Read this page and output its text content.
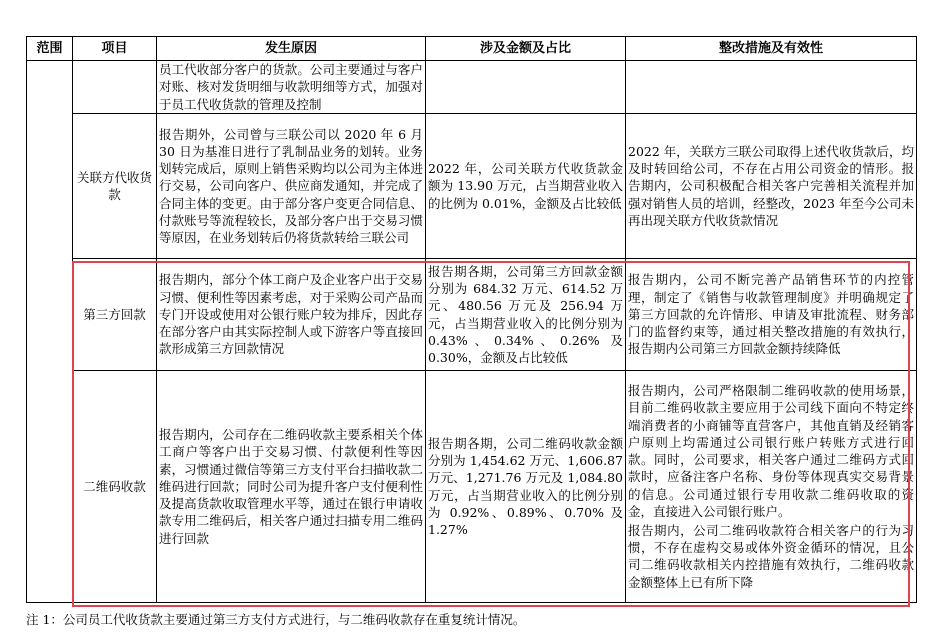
范围	项目	发生原因	涉及金额及占比	整改措施及有效性
		员工代收部分客户的货款。公司主要通过与客户对账、核对发货明细与收款明细等方式，加强对于员工代收货款的管理及控制		
	关联方代收货款	报告期外，公司曾与三联公司以 2020 年 6 月 30 日为基准日进行了乳制品业务的划转。业务划转完成后，原则上销售采购均以公司为主体进行交易，公司向客户、供应商发通知，并完成了合同主体的变更。由于部分客户变更合同信息、付款账号等流程较长，及部分客户出于交易习惯等原因，在业务划转后仍将货款转给三联公司	2022 年，公司关联方代收货款金额为 13.90 万元，占当期营业收入的比例为 0.01%，金额及占比较低	2022 年，关联方三联公司取得上述代收货款后，均及时转回给公司，不存在占用公司资金的情形。报告期内，公司积极配合相关客户完善相关流程并加强对销售人员的培训，经整改，2023 年至今公司未再出现关联方代收货款情况
	第三方回款	报告期内，部分个体工商户及企业客户出于交易习惯、便利性等因素考虑，对于采购公司产品而专门开设或使用对公银行账户较为排斥，因此存在部分客户由其实际控制人或下游客户等直接回款形成第三方回款情况	报告期各期，公司第三方回款金额分别为 684.32 万元、614.52 万元、480.56 万元及 256.94 万元，占当期营业收入的比例分别为 0.43%、0.34%、0.26% 及 0.30%，金额及占比较低	报告期内，公司不断完善产品销售环节的内控管理，制定了《销售与收款管理制度》并明确规定了第三方回款的允许情形、申请及审批流程、财务部门的监督约束等，通过相关整改措施的有效执行，报告期内公司第三方回款金额持续降低
	二维码收款	报告期内，公司存在二维码收款主要系相关个体工商户等客户出于交易习惯、付款便利性等因素，习惯通过微信等第三方支付平台扫描收款二维码进行回款；同时公司为提升客户支付便利性及提高货款收取管理水平等，通过在银行申请收款专用二维码后，相关客户通过扫描专用二维码进行回款	报告期各期，公司二维码收款金额分别为 1,454.62 万元、1,606.87 万元、1,271.76 万元及 1,084.80 万元，占当期营业收入的比例分别为 0.92%、0.89%、0.70% 及 1.27%	报告期内，公司严格限制二维码收款的使用场景，目前二维码收款主要应用于公司线下面向不特定终端消费者的小商铺等直营客户，其他直销及经销客户原则上均需通过公司银行账户转账方式进行回款。同时，公司要求，相关客户通过二维码方式回款时，应备注客户名称、身份等体现真实交易背景的信息。公司通过银行专用收款二维码收取的资金，直接进入公司银行账户。
报告期内，公司二维码收款符合相关客户的行为习惯，不存在虚构交易或体外资金循环的情况，且公司二维码收款相关内控措施有效执行，二维码收款金额整体上已有所下降
注 1：公司员工代收货款主要通过第三方支付方式进行，与二维码收款存在重复统计情况。
